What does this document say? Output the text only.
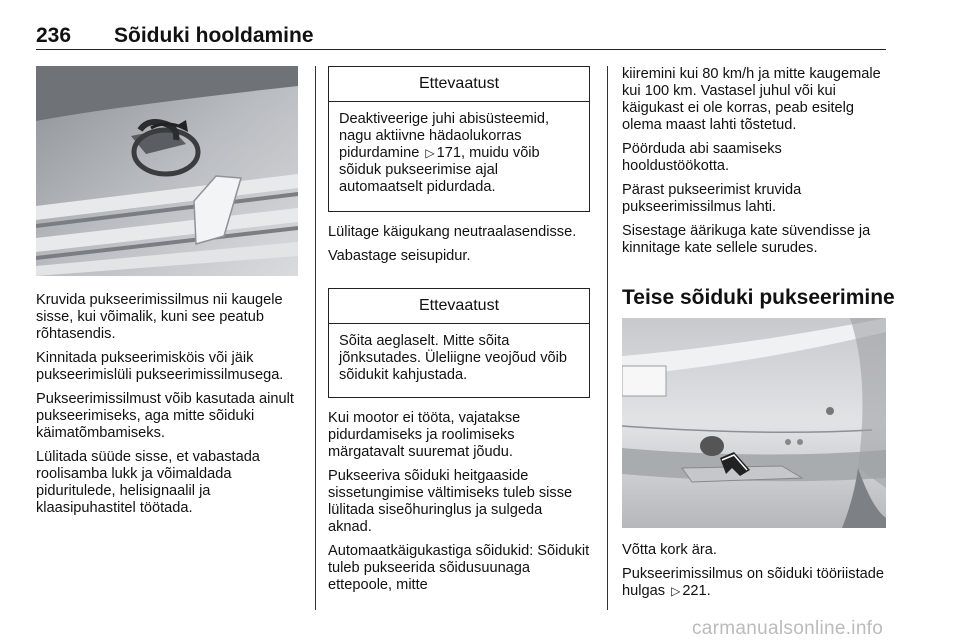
236 Sõiduki hooldamine

Kruvida pukseerimissilmus nii kaugele sisse, kui võimalik, kuni see peatub rõhtasendis.

Kinnitada pukseerimisköis või jäik pukseerimislüli pukseerimissilmusega.

Pukseerimissilmust võib kasutada ainult pukseerimiseks, aga mitte sõiduki käimatõmbamiseks.

Lülitada süüde sisse, et vabastada roolisamba lukk ja võimaldada piduritulede, helisignaalil ja klaasipuhastitel töötada.

Ettevaatust
Deaktiveerige juhi abisüsteemid, nagu aktiivne hädaolukorras pidurdamine ▷ 171, muidu võib sõiduk pukseerimise ajal automaatselt pidurdada.

Lülitage käigukang neutraalasendisse.

Vabastage seisupidur.

Ettevaatust
Sõita aeglaselt. Mitte sõita jõnksutades. Üleliigne veojõud võib sõidukit kahjustada.

Kui mootor ei tööta, vajatakse pidurdamiseks ja roolimiseks märgatavalt suuremat jõudu.

Pukseeriva sõiduki heitgaaside sissetungimise vältimiseks tuleb sisse lülitada siseõhuringlus ja sulgeda aknad.

Automaatkäigukastiga sõidukid: Sõidukit tuleb pukseerida sõidusuunaga ettepoole, mitte

kiiremini kui 80 km/h ja mitte kaugemale kui 100 km. Vastasel juhul või kui käigukast ei ole korras, peab esitelg olema maast lahti tõstetud.

Pöörduda abi saamiseks hooldustöökotta.

Pärast pukseerimist kruvida pukseerimissilmus lahti.

Sisestage äärikuga kate süvendisse ja kinnitage kate sellele surudes.

Teise sõiduki pukseerimine

Võtta kork ära.

Pukseerimissilmus on sõiduki tööriistade hulgas ▷ 221.

carmanualsonline.info
